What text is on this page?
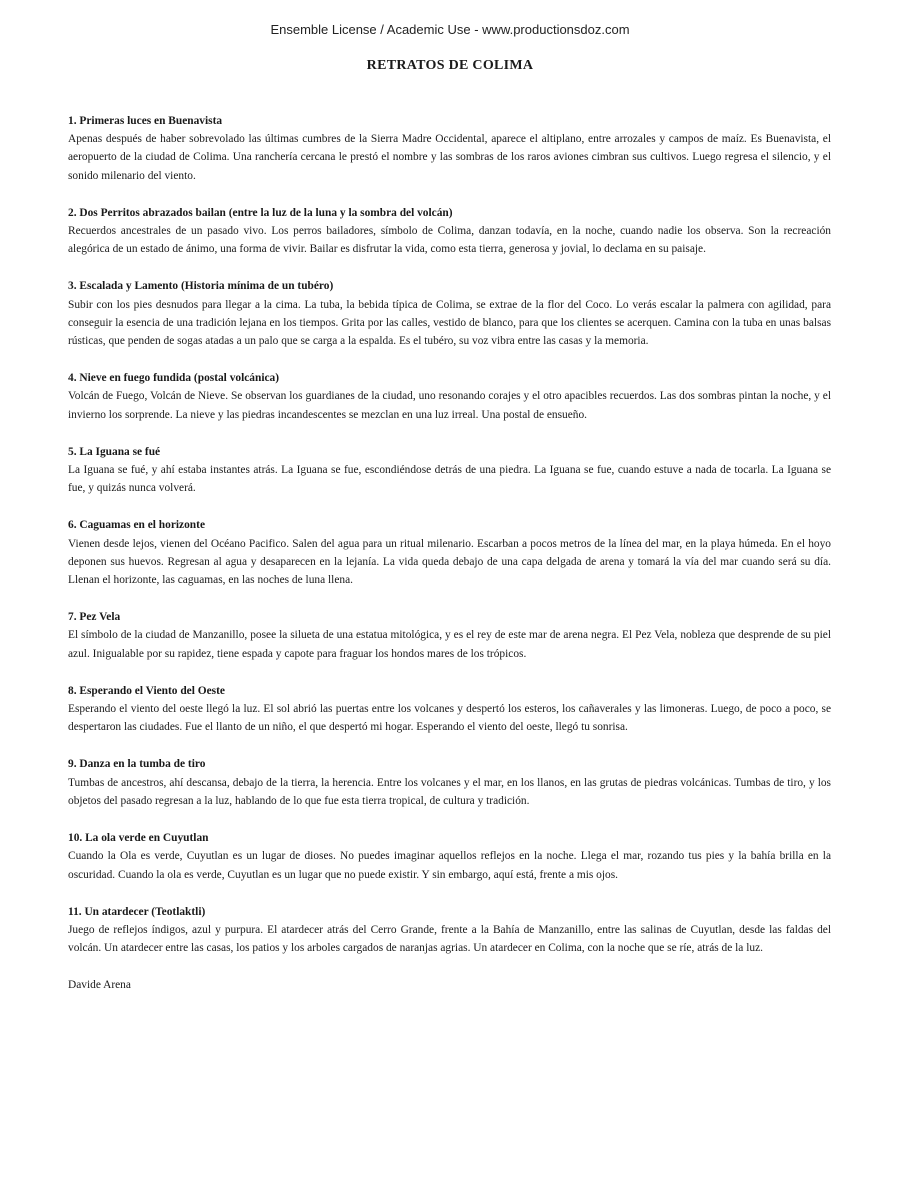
Ensemble License / Academic Use - www.productionsdoz.com
RETRATOS DE COLIMA

1. Primeras luces en Buenavista

Apenas después de haber sobrevolado las últimas cumbres de la Sierra Madre Occidental, aparece el altiplano, entre arrozales y campos de maíz. Es Buenavista, el aeropuerto de la ciudad de Colima. Una ranchería cercana le prestó el nombre y las sombras de los raros aviones cimbran sus cultivos. Luego regresa el silencio, y el sonido milenario del viento.

2. Dos Perritos abrazados bailan (entre la luz de la luna y la sombra del volcán)

Recuerdos ancestrales de un pasado vivo. Los perros bailadores, símbolo de Colima, danzan todavía, en la noche, cuando nadie los observa. Son la recreación alegórica de un estado de ánimo, una forma de vivir. Bailar es disfrutar la vida, como esta tierra, generosa y jovial, lo declama en su paisaje.

3. Escalada y Lamento (Historia mínima de un tubéro)

Subir con los pies desnudos para llegar a la cima. La tuba, la bebida típica de Colima, se extrae de la flor del Coco. Lo verás escalar la palmera con agilidad, para conseguir la esencia de una tradición lejana en los tiempos. Grita por las calles, vestido de blanco, para que los clientes se acerquen. Camina con la tuba en unas balsas rústicas, que penden de sogas atadas a un palo que se carga a la espalda. Es el tubéro, su voz vibra entre las casas y la memoria.

4. Nieve en fuego fundida (postal volcánica)

Volcán de Fuego, Volcán de Nieve. Se observan los guardianes de la ciudad, uno resonando corajes y el otro apacibles recuerdos. Las dos sombras pintan la noche, y el invierno los sorprende. La nieve y las piedras incandescentes se mezclan en una luz irreal. Una postal de ensueño.

5. La Iguana se fué

La Iguana se fué, y ahí estaba instantes atrás. La Iguana se fue, escondiéndose detrás de una piedra. La Iguana se fue, cuando estuve a nada de tocarla. La Iguana se fue, y quizás nunca volverá.

6. Caguamas en el horizonte

Vienen desde lejos, vienen del Océano Pacifico. Salen del agua para un ritual milenario. Escarban a pocos metros de la línea del mar, en la playa húmeda. En el hoyo deponen sus huevos. Regresan al agua y desaparecen en la lejanía. La vida queda debajo de una capa delgada de arena y tomará la vía del mar cuando será su día. Llenan el horizonte, las caguamas, en las noches de luna llena.

7. Pez Vela

El símbolo de la ciudad de Manzanillo, posee la silueta de una estatua mitológica, y es el rey de este mar de arena negra. El Pez Vela, nobleza que desprende de su piel azul. Inigualable por su rapidez, tiene espada y capote para fraguar los hondos mares de los trópicos.

8. Esperando el Viento del Oeste

Esperando el viento del oeste llegó la luz. El sol abrió las puertas entre los volcanes y despertó los esteros, los cañaverales y las limoneras. Luego, de poco a poco, se despertaron las ciudades. Fue el llanto de un niño, el que despertó mi hogar. Esperando el viento del oeste, llegó tu sonrisa.

9. Danza en la tumba de tiro

Tumbas de ancestros, ahí descansa, debajo de la tierra, la herencia. Entre los volcanes y el mar, en los llanos, en las grutas de piedras volcánicas. Tumbas de tiro, y los objetos del pasado regresan a la luz, hablando de lo que fue esta tierra tropical, de cultura y tradición.

10. La ola verde en Cuyutlan

Cuando la Ola es verde, Cuyutlan es un lugar de dioses. No puedes imaginar aquellos reflejos en la noche. Llega el mar, rozando tus pies y la bahía brilla en la oscuridad. Cuando la ola es verde, Cuyutlan es un lugar que no puede existir. Y sin embargo, aquí está, frente a mis ojos.

11. Un atardecer (Teotlaktli)

Juego de reflejos índigos, azul y purpura. El atardecer atrás del Cerro Grande, frente a la Bahía de Manzanillo, entre las salinas de Cuyutlan, desde las faldas del volcán. Un atardecer entre las casas, los patios y los arboles cargados de naranjas agrias. Un atardecer en Colima, con la noche que se ríe, atrás de la luz.

Davide Arena
